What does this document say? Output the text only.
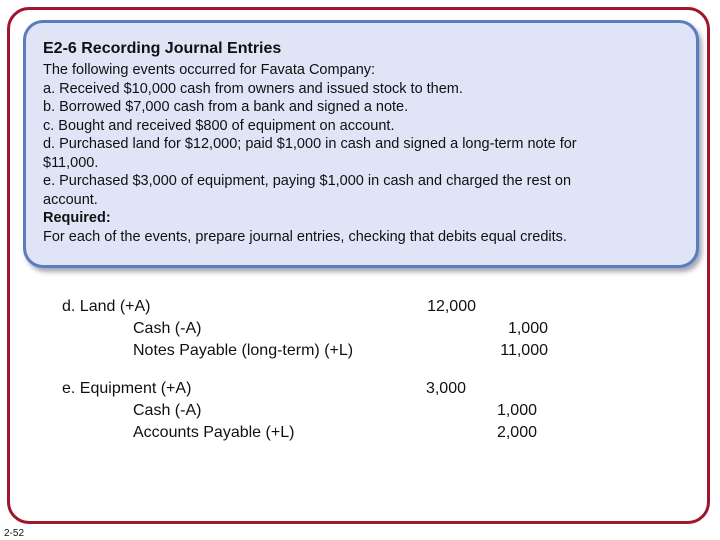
E2-6 Recording Journal Entries
The following events occurred for Favata Company:
a. Received $10,000 cash from owners and issued stock to them.
b. Borrowed $7,000 cash from a bank and signed a note.
c. Bought and received $800 of equipment on account.
d. Purchased land for $12,000; paid $1,000 in cash and signed a long-term note for
$11,000.
e. Purchased $3,000 of equipment, paying $1,000 in cash and charged the rest on
account.
Required:
For each of the events, prepare journal entries, checking that debits equal credits.
d. Land (+A)
Cash (-A)
Notes Payable (long-term) (+L)
12,000
1,000
11,000
e. Equipment (+A)
Cash (-A)
Accounts Payable (+L)
3,000
1,000
2,000
2-52
